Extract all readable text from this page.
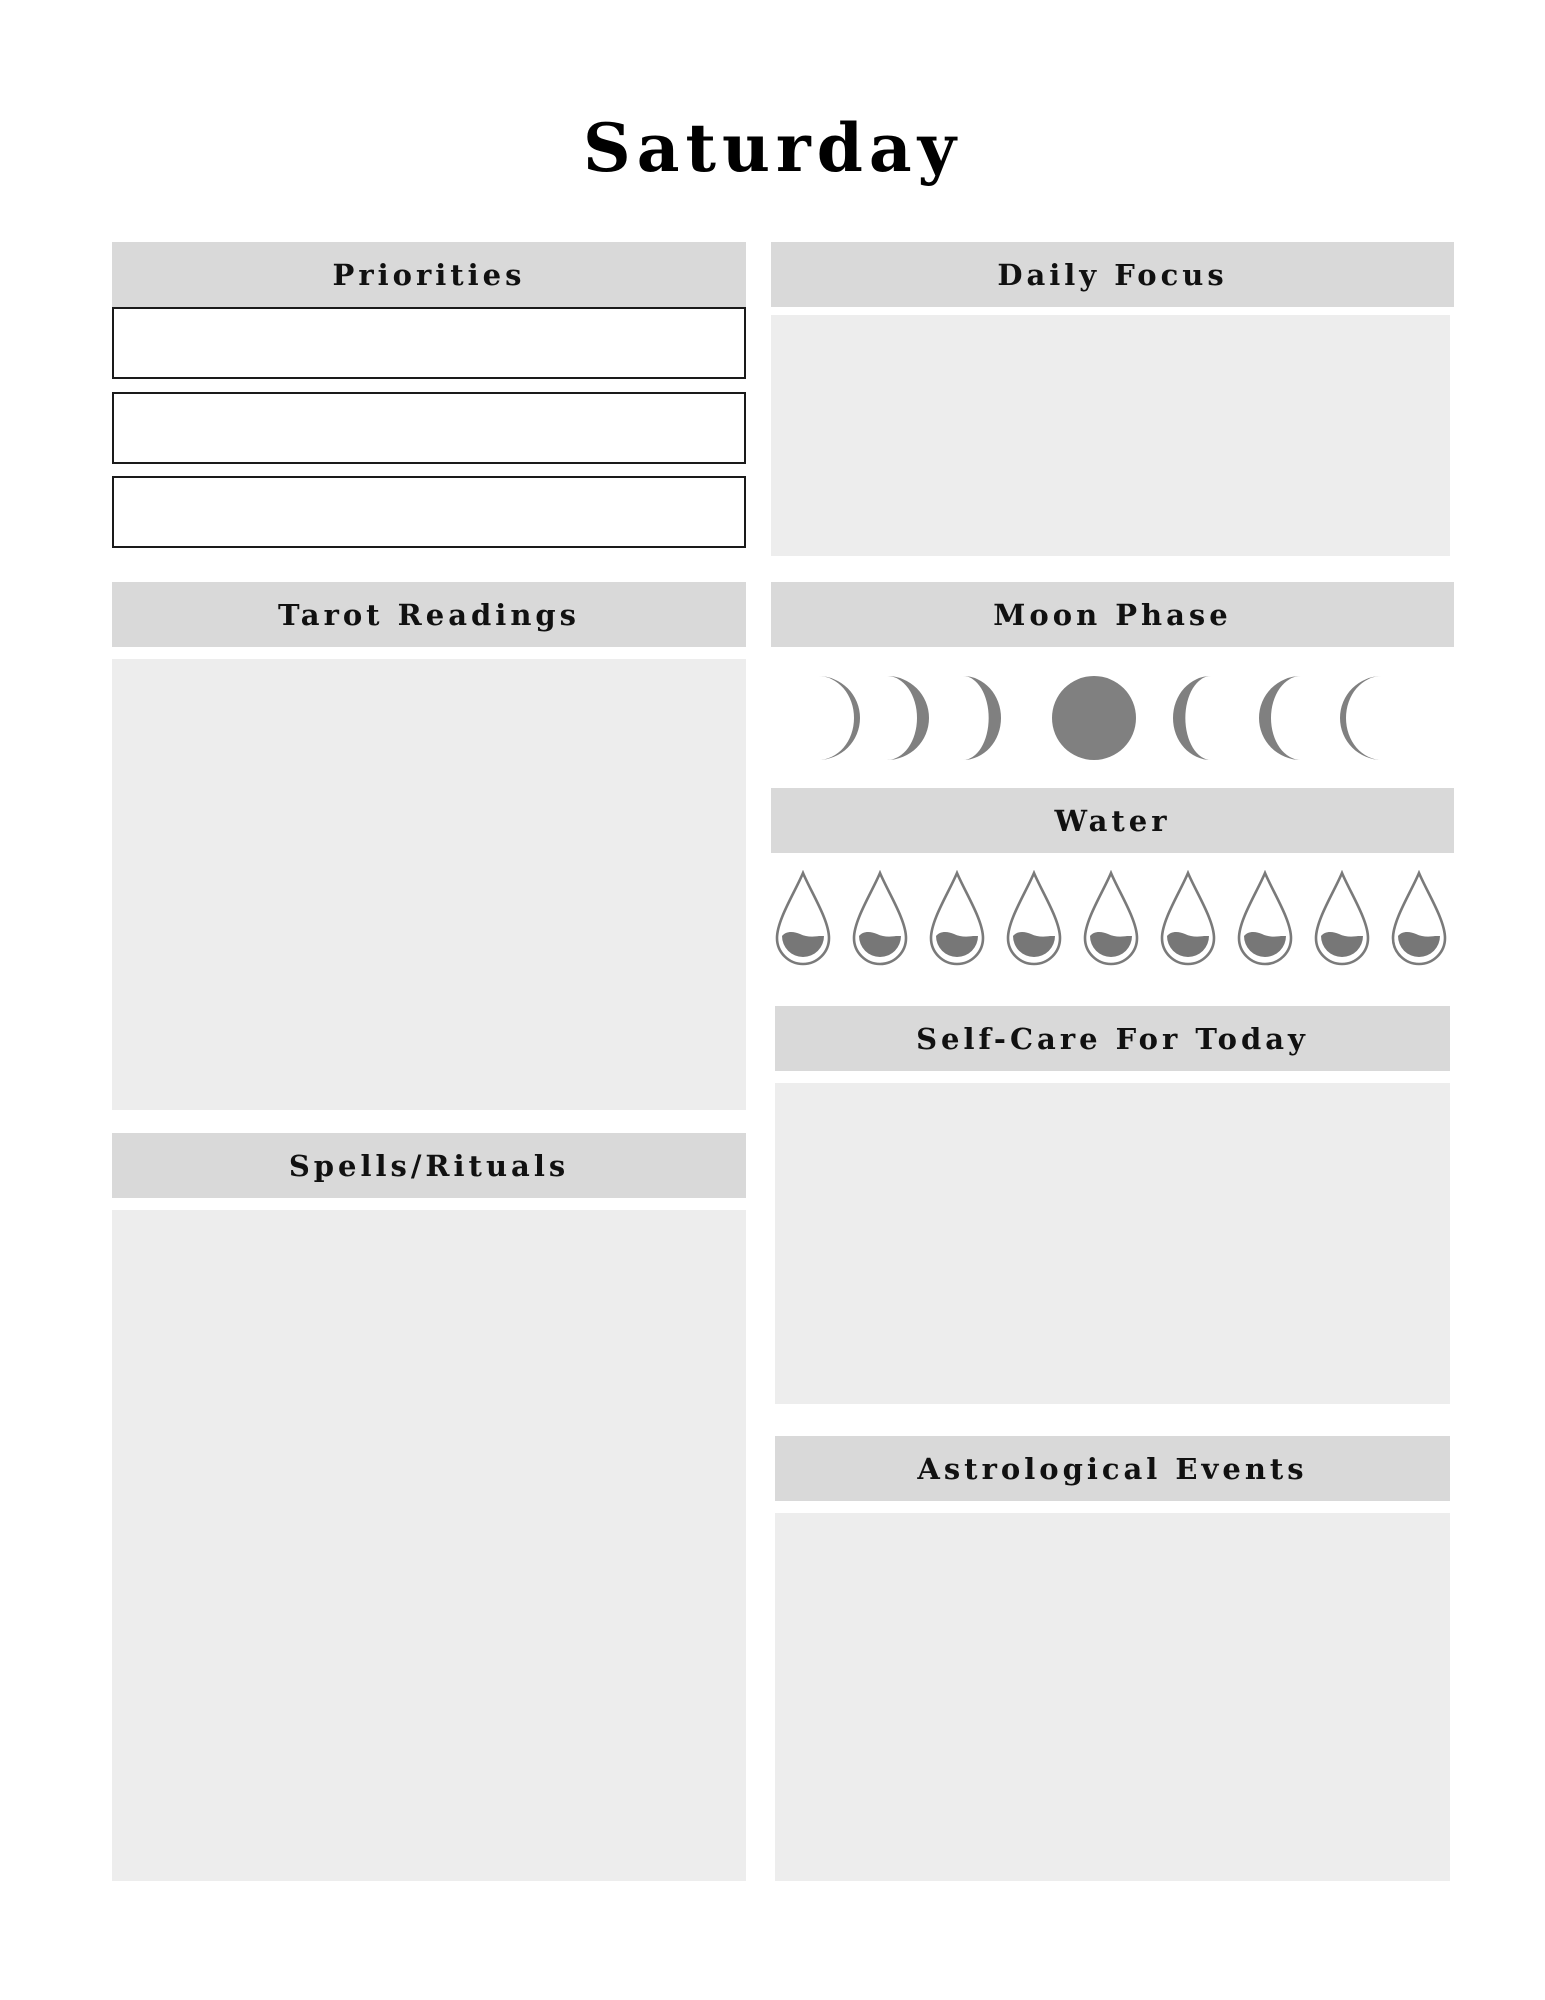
Saturday
Priorities	Daily Focus
Tarot Readings	Moon Phase
Water
Self-Care For Today
Spells/Rituals
Astrological Events
